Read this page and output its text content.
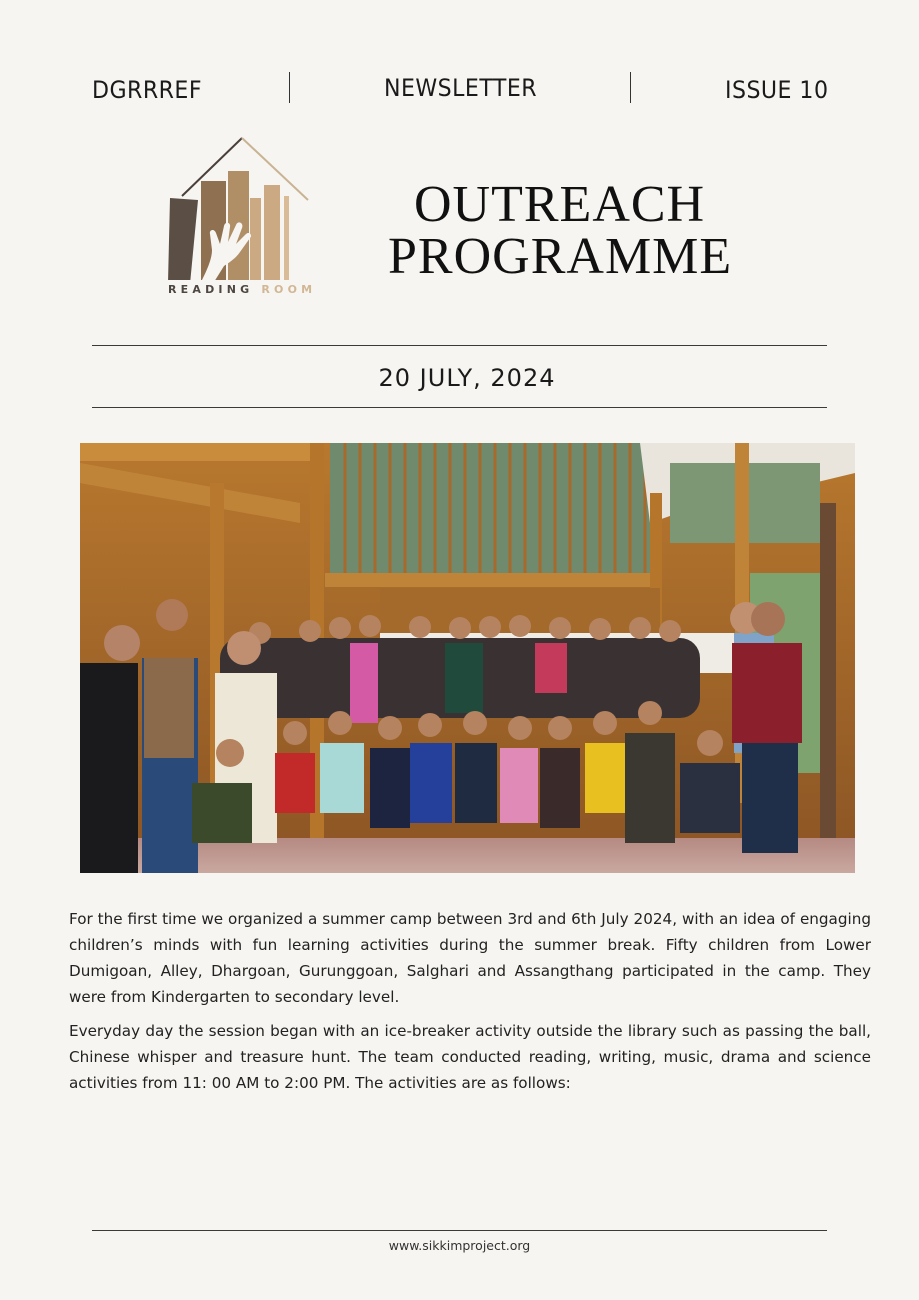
DGRRREF	NEWSLETTER	ISSUE 10
READING ROOM
OUTREACH
PROGRAMME
20 JULY, 2024
For the first time we organized a summer camp between 3rd and 6th July 2024, with an idea of engaging children’s minds with fun learning activities during the summer break. Fifty children from Lower Dumigoan, Alley, Dhargoan, Gurunggoan, Salghari and Assangthang participated in the camp. They were from Kindergarten to secondary level.
Everyday day the session began with an ice-breaker activity outside the library such as passing the ball, Chinese whisper and treasure hunt. The team conducted reading, writing, music, drama and science activities from 11: 00 AM to 2:00 PM. The activities are as follows:
www.sikkimproject.org
